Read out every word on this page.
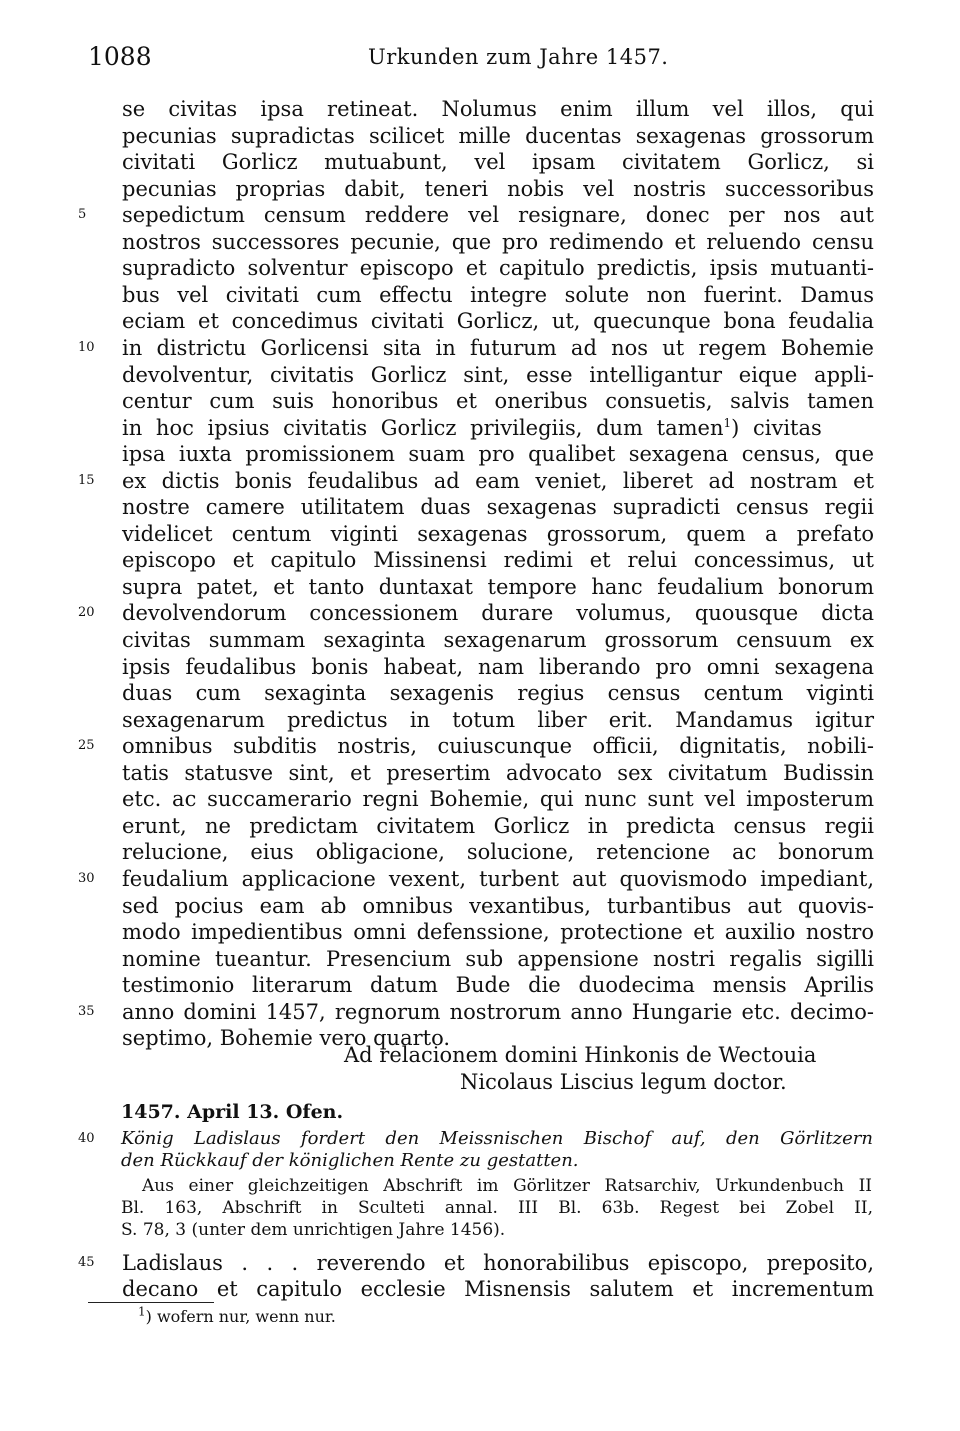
1088	Urkunden zum Jahre 1457.
se civitas ipsa retineat. Nolumus enim illum vel illos, qui
pecunias supradictas scilicet mille ducentas sexagenas grossorum
civitati Gorlicz mutuabunt, vel ipsam civitatem Gorlicz, si
pecunias proprias dabit, teneri nobis vel nostris successoribus
5	sepedictum censum reddere vel resignare, donec per nos aut
nostros successores pecunie, que pro redimendo et reluendo censu
supradicto solventur episcopo et capitulo predictis, ipsis mutuanti-
bus vel civitati cum effectu integre solute non fuerint. Damus
eciam et concedimus civitati Gorlicz, ut, quecunque bona feudalia
10	in districtu Gorlicensi sita in futurum ad nos ut regem Bohemie
devolventur, civitatis Gorlicz sint, esse intelligantur eique appli-
centur cum suis honoribus et oneribus consuetis, salvis tamen
in hoc ipsius civitatis Gorlicz privilegiis, dum tamen$^1$) civitas
ipsa iuxta promissionem suam pro qualibet sexagena census, que
15	ex dictis bonis feudalibus ad eam veniet, liberet ad nostram et
nostre camere utilitatem duas sexagenas supradicti census regii
videlicet centum viginti sexagenas grossorum, quem a prefato
episcopo et capitulo Missinensi redimi et relui concessimus, ut
supra patet, et tanto duntaxat tempore hanc feudalium bonorum
20	devolvendorum concessionem durare volumus, quousque dicta
civitas summam sexaginta sexagenarum grossorum censuum ex
ipsis feudalibus bonis habeat, nam liberando pro omni sexagena
duas cum sexaginta sexagenis regius census centum viginti
sexagenarum predictus in totum liber erit. Mandamus igitur
25	omnibus subditis nostris, cuiuscunque officii, dignitatis, nobili-
tatis statusve sint, et presertim advocato sex civitatum Budissin
etc. ac succamerario regni Bohemie, qui nunc sunt vel imposterum
erunt, ne predictam civitatem Gorlicz in predicta census regii
relucione, eius obligacione, solucione, retencione ac bonorum
30	feudalium applicacione vexent, turbent aut quovismodo impediant,
sed pocius eam ab omnibus vexantibus, turbantibus aut quovis-
modo impedientibus omni defenssione, protectione et auxilio nostro
nomine tueantur. Presencium sub appensione nostri regalis sigilli
testimonio literarum datum Bude die duodecima mensis Aprilis
35	anno domini 1457, regnorum nostrorum anno Hungarie etc. decimo-
septimo, Bohemie vero quarto.
Ad relacionem domini Hinkonis de Wectouia
Nicolaus Liscius legum doctor.
1457. April 13. Ofen.
40	König Ladislaus fordert den Meissnischen Bischof auf, den Görlitzern
den Rückkauf der königlichen Rente zu gestatten.
Aus einer gleichzeitigen Abschrift im Görlitzer Ratsarchiv, Urkundenbuch II
Bl. 163, Abschrift in Sculteti annal. III Bl. 63b. Regest bei Zobel II,
S. 78, 3 (unter dem unrichtigen Jahre 1456).
45	Ladislaus . . . reverendo et honorabilibus episcopo, preposito,
decano et capitulo ecclesie Misnensis salutem et incrementum
$^1$) wofern nur, wenn nur.
